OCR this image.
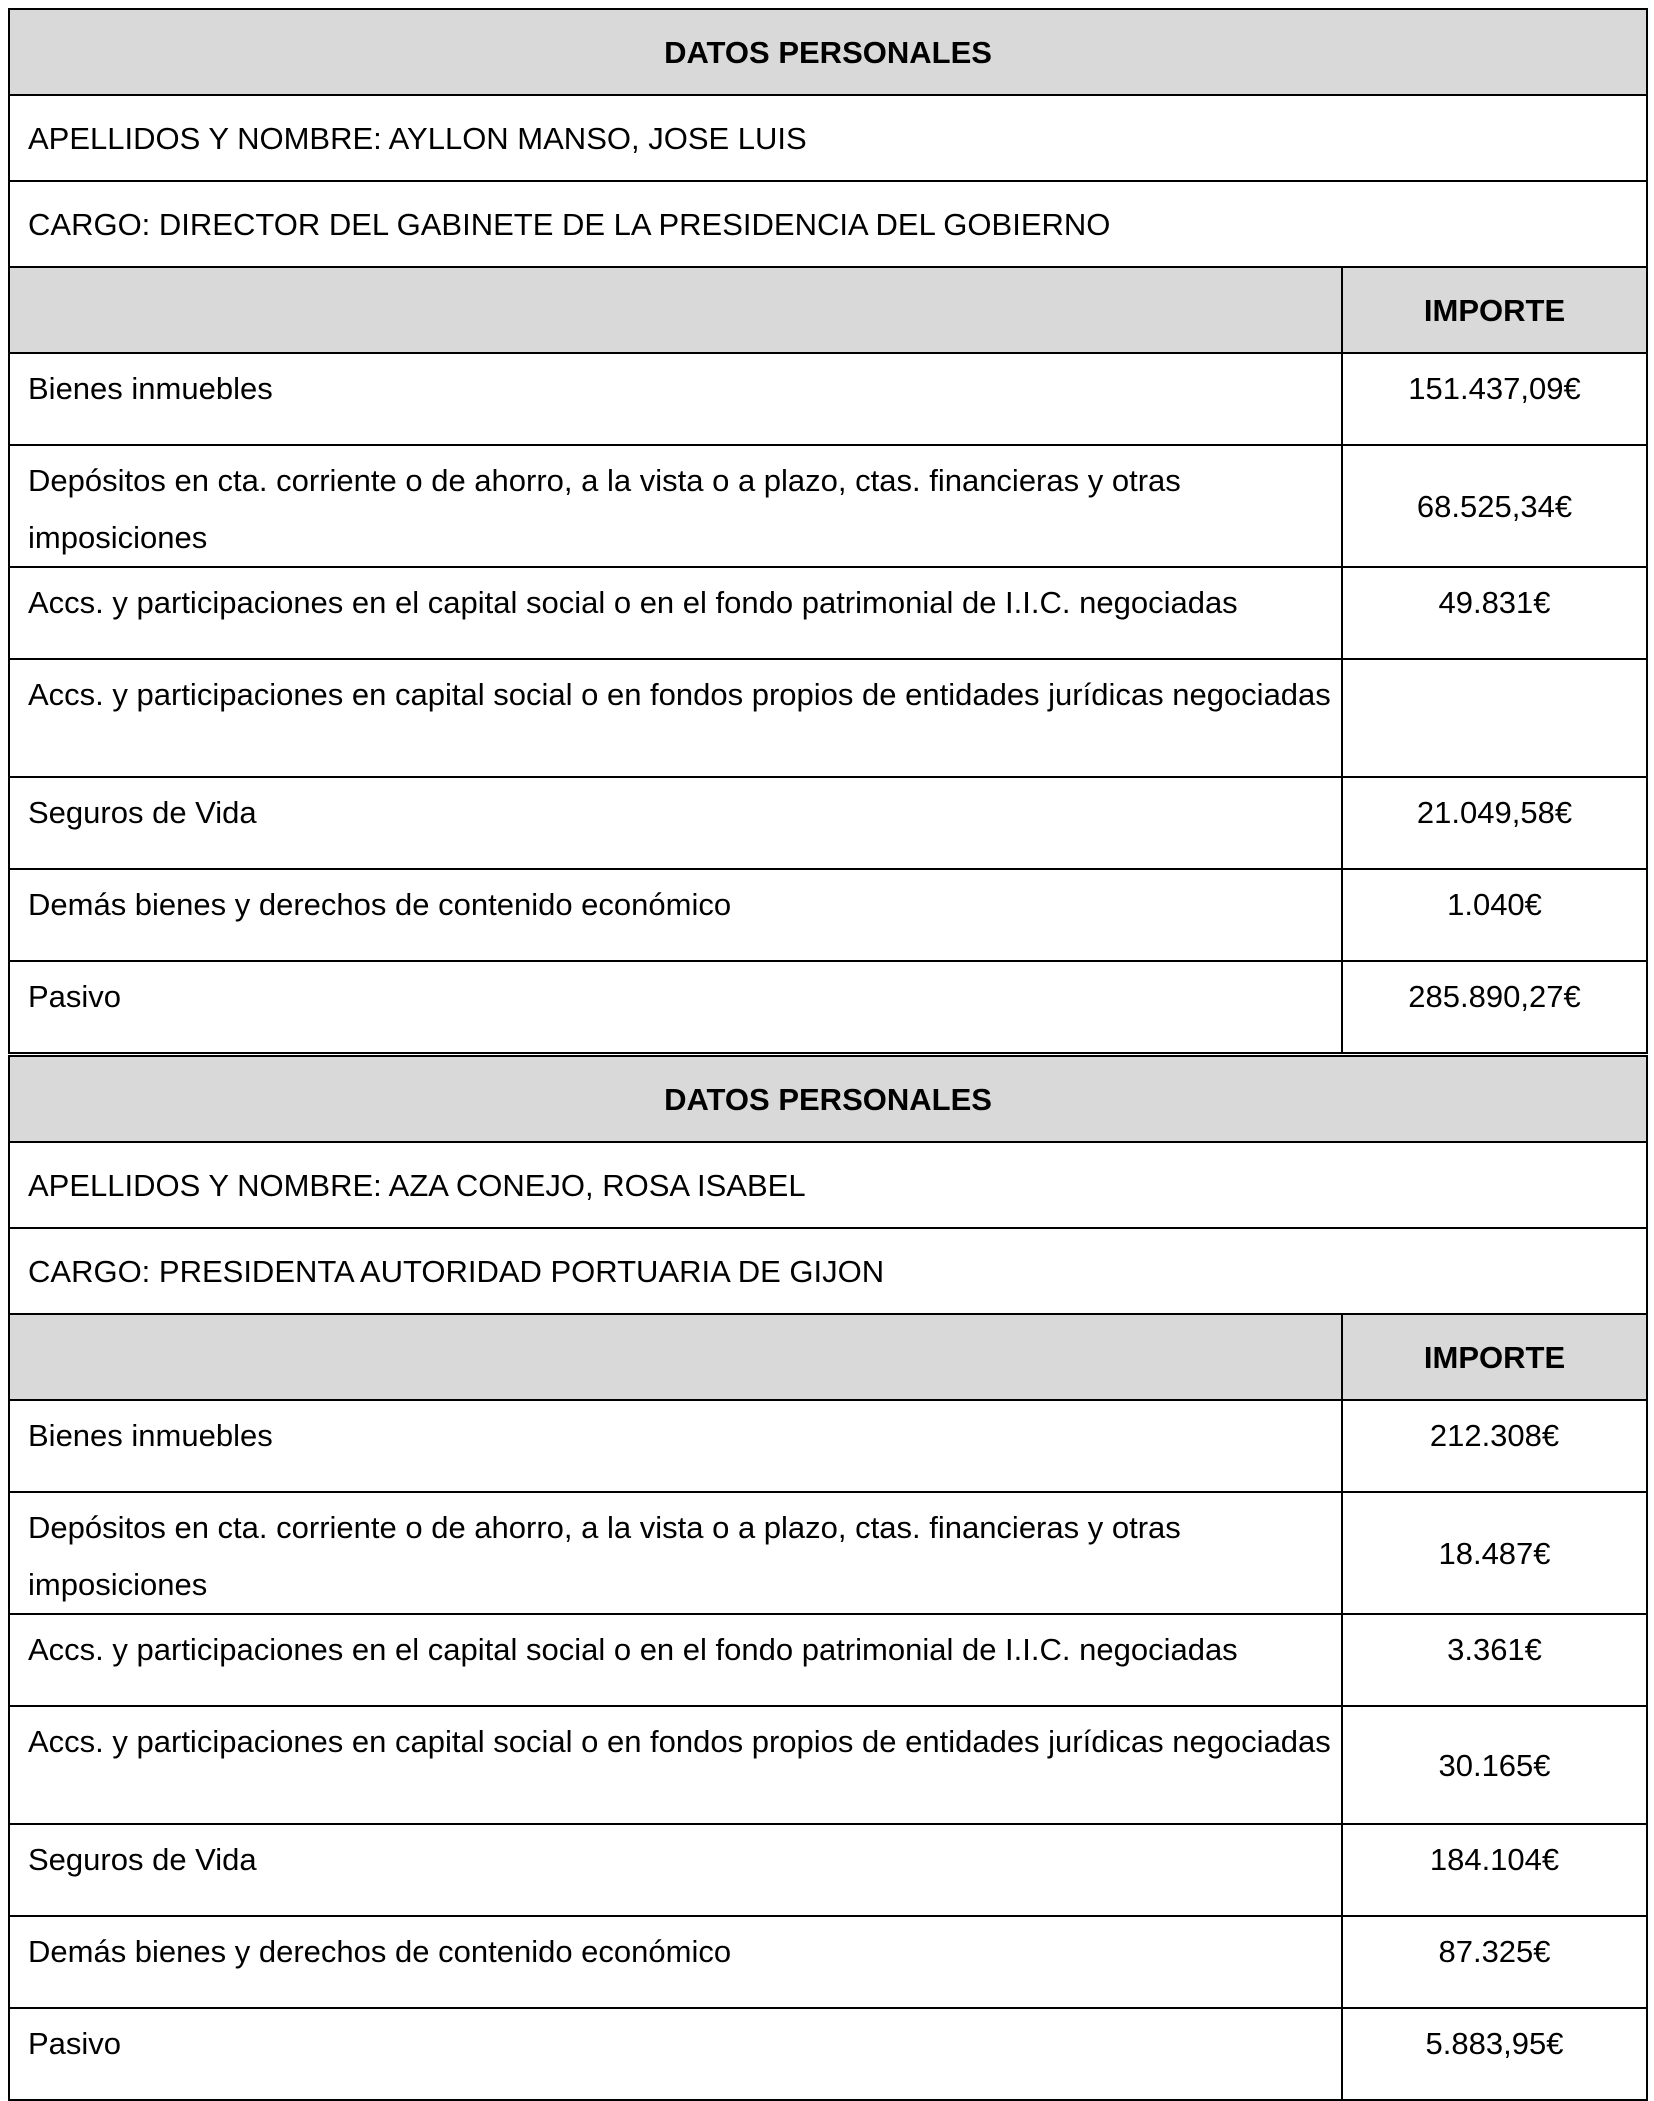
DATOS PERSONALES	
APELLIDOS Y NOMBRE: AYLLON MANSO, JOSE LUIS	
CARGO: DIRECTOR DEL GABINETE DE LA PRESIDENCIA DEL GOBIERNO	
	IMPORTE
Bienes inmuebles	151.437,09€
Depósitos en cta. corriente o de ahorro, a la vista o a plazo, ctas. financieras y otras imposiciones	68.525,34€
Accs. y participaciones en el capital social o en el fondo patrimonial de I.I.C. negociadas	49.831€
Accs. y participaciones en capital social o en fondos propios de entidades jurídicas negociadas	
Seguros de Vida	21.049,58€
Demás bienes y derechos de contenido económico	1.040€
Pasivo	285.890,27€
DATOS PERSONALES	
APELLIDOS Y NOMBRE: AZA CONEJO, ROSA ISABEL	
CARGO: PRESIDENTA AUTORIDAD PORTUARIA DE GIJON	
	IMPORTE
Bienes inmuebles	212.308€
Depósitos en cta. corriente o de ahorro, a la vista o a plazo, ctas. financieras y otras imposiciones	18.487€
Accs. y participaciones en el capital social o en el fondo patrimonial de I.I.C. negociadas	3.361€
Accs. y participaciones en capital social o en fondos propios de entidades jurídicas negociadas	30.165€
Seguros de Vida	184.104€
Demás bienes y derechos de contenido económico	87.325€
Pasivo	5.883,95€
